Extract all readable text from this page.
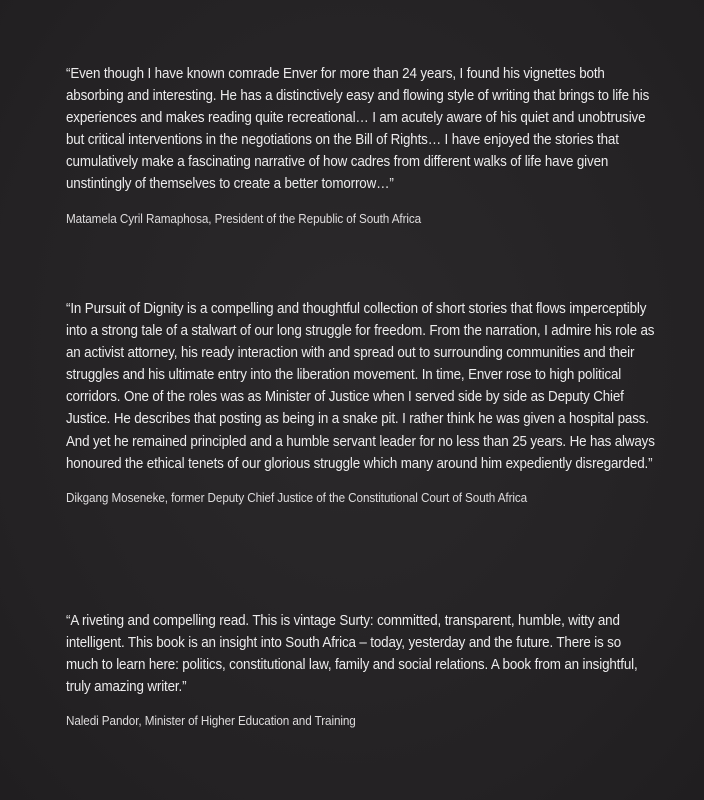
“Even though I have known comrade Enver for more than 24 years, I found his vignettes both absorbing and interesting. He has a distinctively easy and flowing style of writing that brings to life his experiences and makes reading quite recreational… I am acutely aware of his quiet and unobtrusive but critical interventions in the negotiations on the Bill of Rights… I have enjoyed the stories that cumulatively make a fascinating narrative of how cadres from different walks of life have given unstintingly of themselves to create a better tomorrow…”

Matamela Cyril Ramaphosa, President of the Republic of South Africa

“In Pursuit of Dignity is a compelling and thoughtful collection of short stories that flows imperceptibly into a strong tale of a stalwart of our long struggle for freedom. From the narration, I admire his role as an activist attorney, his ready interaction with and spread out to surrounding communities and their struggles and his ultimate entry into the liberation movement. In time, Enver rose to high political corridors. One of the roles was as Minister of Justice when I served side by side as Deputy Chief Justice. He describes that posting as being in a snake pit. I rather think he was given a hospital pass. And yet he remained principled and a humble servant leader for no less than 25 years. He has always honoured the ethical tenets of our glorious struggle which many around him expediently disregarded.”

Dikgang Moseneke, former Deputy Chief Justice of the Constitutional Court of South Africa

“A riveting and compelling read. This is vintage Surty: committed, transparent, humble, witty and intelligent. This book is an insight into South Africa – today, yesterday and the future. There is so much to learn here: politics, constitutional law, family and social relations. A book from an insightful, truly amazing writer.”

Naledi Pandor, Minister of Higher Education and Training
